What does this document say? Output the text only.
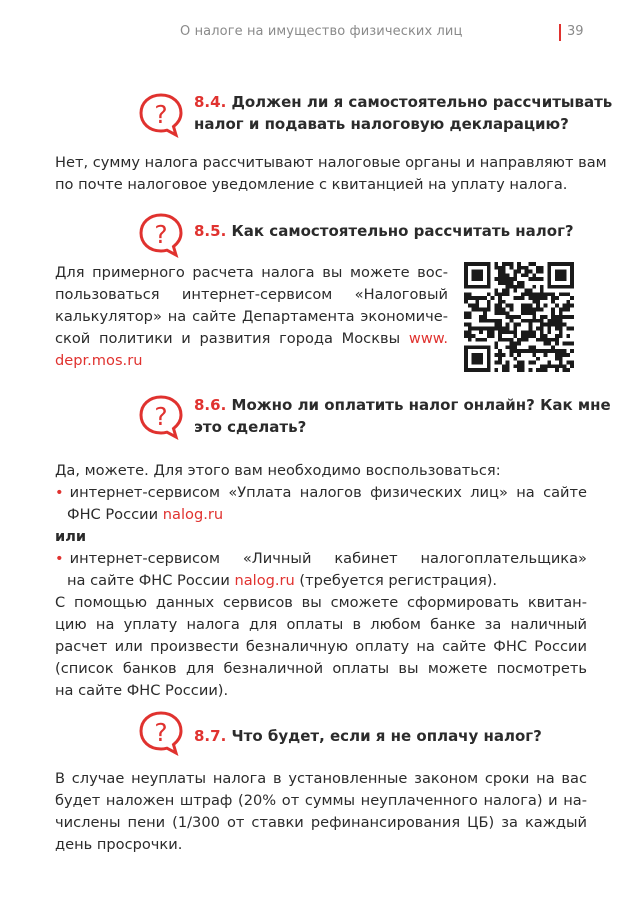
О налоге на имущество физических лиц	39
? 8.4. Должен ли я самостоятельно рассчитывать
налог и подавать налоговую декларацию?
Нет, сумму налога рассчитывают налоговые органы и направляют вам
по почте налоговое уведомление с квитанцией на уплату налога.
? 8.5. Как самостоятельно рассчитать налог?
Для примерного расчета налога вы можете вос-
пользоваться интернет-сервисом «Налоговый
калькулятор» на сайте Департамента экономиче-
ской политики и развития города Москвы www.
depr.mos.ru
? 8.6. Можно ли оплатить налог онлайн? Как мне
это сделать?
Да, можете. Для этого вам необходимо воспользоваться:
• интернет-сервисом «Уплата налогов физических лиц» на сайте
ФНС России nalog.ru
или
• интернет-сервисом «Личный кабинет налогоплательщика»
на сайте ФНС России nalog.ru (требуется регистрация).
С помощью данных сервисов вы сможете сформировать квитан-
цию на уплату налога для оплаты в любом банке за наличный
расчет или произвести безналичную оплату на сайте ФНС России
(список банков для безналичной оплаты вы можете посмотреть
на сайте ФНС России).
? 8.7. Что будет, если я не оплачу налог?
В случае неуплаты налога в установленные законом сроки на вас
будет наложен штраф (20% от суммы неуплаченного налога) и на-
числены пени (1/300 от ставки рефинансирования ЦБ) за каждый
день просрочки.
